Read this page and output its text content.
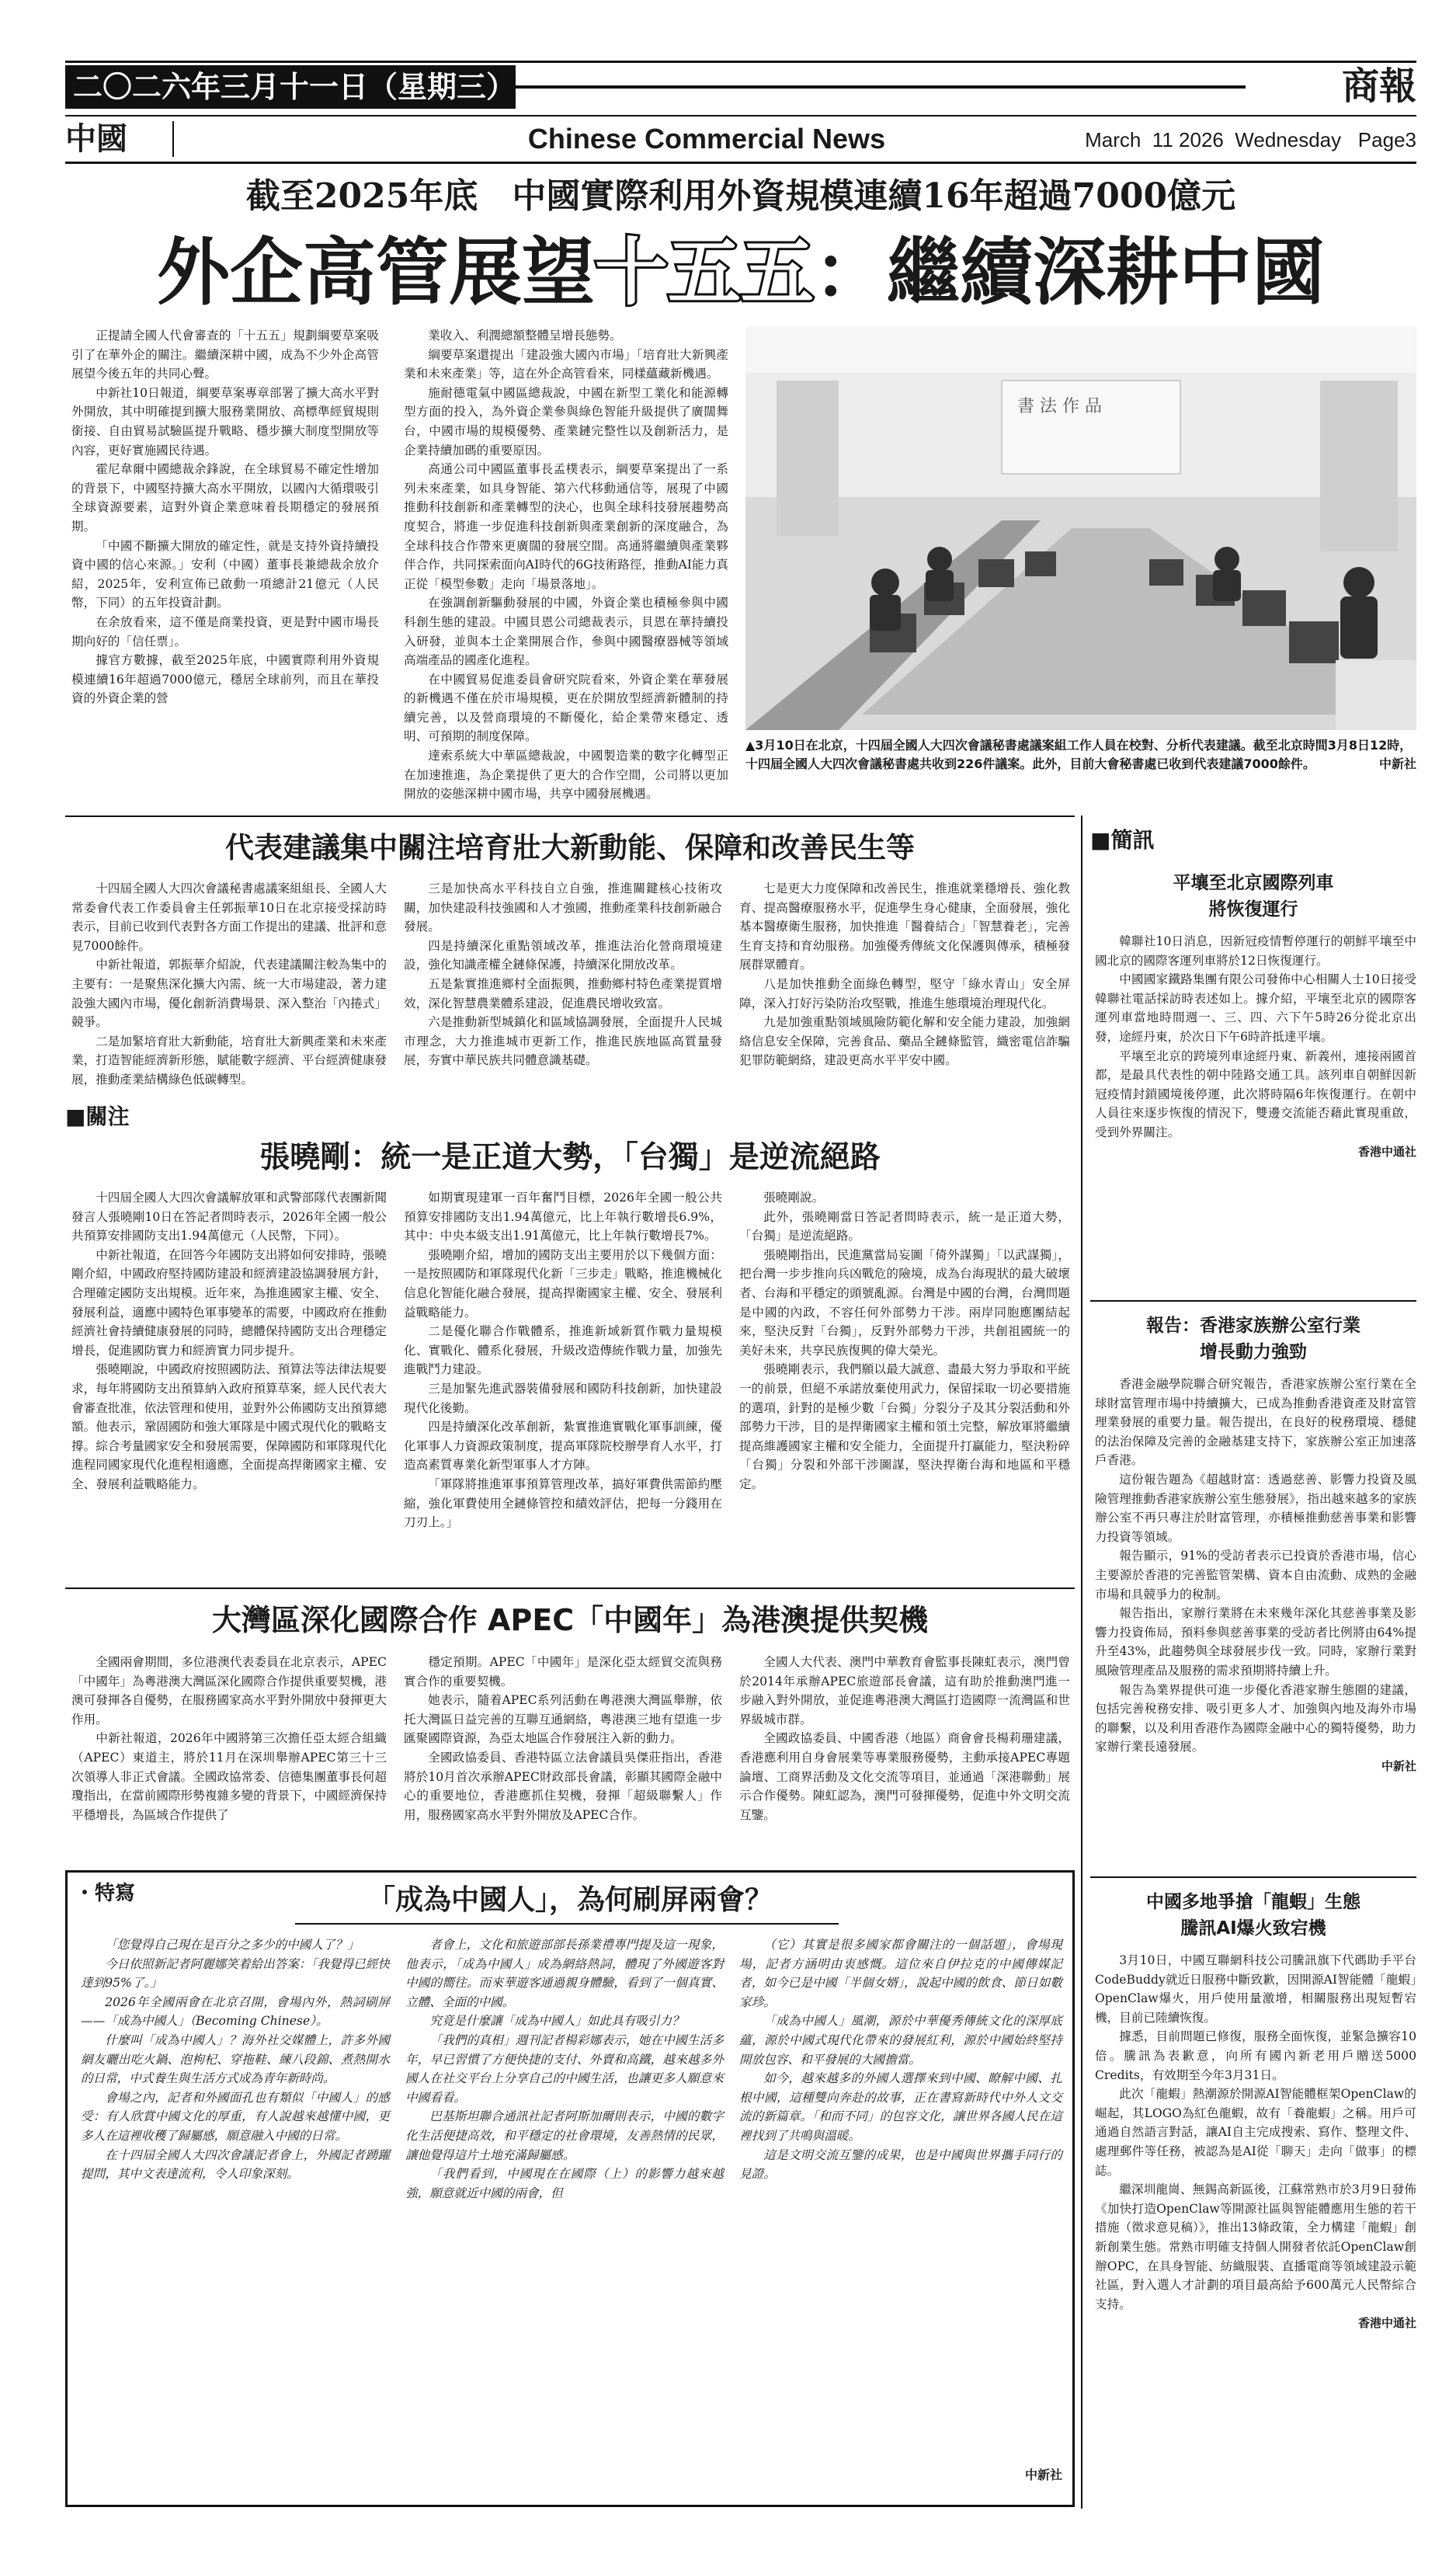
二〇二六年三月十一日（星期三）	商報
中國	Chinese Commercial News	March  11 2026  Wednesday   Page3
截至2025年底　中國實際利用外資規模連續16年超過7000億元
外企高管展望十五五：繼續深耕中國

正提請全國人代會審查的「十五五」規劃綱要草案吸引了在華外企的關注。繼續深耕中國，成為不少外企高管展望今後五年的共同心聲。

中新社10日報道，綱要草案專章部署了擴大高水平對外開放，其中明確提到擴大服務業開放、高標準經貿規則銜接、自由貿易試驗區提升戰略、穩步擴大制度型開放等內容，更好實施國民待遇。

霍尼韋爾中國總裁余鋒說，在全球貿易不確定性增加的背景下，中國堅持擴大高水平開放，以國內大循環吸引全球資源要素，這對外資企業意味着長期穩定的發展預期。

「中國不斷擴大開放的確定性，就是支持外資持續投資中國的信心來源。」安利（中國）董事長兼總裁余放介紹，2025年，安利宣佈已啟動一項總計21億元（人民幣，下同）的五年投資計劃。

在余放看來，這不僅是商業投資，更是對中國市場長期向好的「信任票」。

據官方數據，截至2025年底，中國實際利用外資規模連續16年超過7000億元，穩居全球前列，而且在華投資的外資企業的營

業收入、利潤總額整體呈增長態勢。

綱要草案還提出「建設強大國內市場」「培育壯大新興產業和未來產業」等，這在外企高管看來，同樣蘊藏新機遇。

施耐德電氣中國區總裁說，中國在新型工業化和能源轉型方面的投入，為外資企業參與綠色智能升級提供了廣闊舞台，中國市場的規模優勢、產業鏈完整性以及創新活力，是企業持續加碼的重要原因。

高通公司中國區董事長孟樸表示，綱要草案提出了一系列未來產業，如具身智能、第六代移動通信等，展現了中國推動科技創新和產業轉型的決心，也與全球科技發展趨勢高度契合，將進一步促進科技創新與產業創新的深度融合，為全球科技合作帶來更廣闊的發展空間。高通將繼續與產業夥伴合作，共同探索面向AI時代的6G技術路徑，推動AI能力真正從「模型參數」走向「場景落地」。

在強調創新驅動發展的中國，外資企業也積極參與中國科創生態的建設。中國貝恩公司總裁表示，貝恩在華持續投入研發，並與本土企業開展合作，參與中國醫療器械等領域高端產品的國產化進程。

在中國貿易促進委員會研究院看來，外資企業在華發展的新機遇不僅在於市場規模，更在於開放型經濟新體制的持續完善，以及營商環境的不斷優化，給企業帶來穩定、透明、可預期的制度保障。

達索系統大中華區總裁說，中國製造業的數字化轉型正在加速推進，為企業提供了更大的合作空間，公司將以更加開放的姿態深耕中國市場，共享中國發展機遇。

書 法 作 品
▲3月10日在北京，十四屆全國人大四次會議秘書處議案組工作人員在校對、分析代表建議。截至北京時間3月8日12時，十四屆全國人大四次會議秘書處共收到226件議案。此外，目前大會秘書處已收到代表建議7000餘件。	中新社
代表建議集中關注培育壯大新動能、保障和改善民生等

十四屆全國人大四次會議秘書處議案組組長、全國人大常委會代表工作委員會主任郭振華10日在北京接受採訪時表示，目前已收到代表對各方面工作提出的建議、批評和意見7000餘件。

中新社報道，郭振華介紹說，代表建議關注較為集中的主要有：一是聚焦深化擴大內需、統一大市場建設，著力建設強大國內市場，優化創新消費場景、深入整治「內捲式」競爭。

二是加緊培育壯大新動能，培育壯大新興產業和未來產業，打造智能經濟新形態，賦能數字經濟、平台經濟健康發展，推動產業結構綠色低碳轉型。

三是加快高水平科技自立自強，推進關鍵核心技術攻關，加快建設科技強國和人才強國，推動產業科技創新融合發展。

四是持續深化重點領域改革，推進法治化營商環境建設，強化知識產權全鏈條保護，持續深化開放改革。

五是紮實推進鄉村全面振興，推動鄉村特色產業提質增效，深化智慧農業體系建設，促進農民增收致富。

六是推動新型城鎮化和區域協調發展，全面提升人民城市理念，大力推進城市更新工作，推進民族地區高質量發展，夯實中華民族共同體意識基礎。

七是更大力度保障和改善民生，推進就業穩增長、強化教育、提高醫療服務水平，促進學生身心健康，全面發展，強化基本醫療衛生服務，加快推進「醫養結合」「智慧養老」，完善生育支持和育幼服務。加強優秀傳統文化保護與傳承，積極發展群眾體育。

八是加快推動全面綠色轉型，堅守「綠水青山」安全屏障，深入打好污染防治攻堅戰，推進生態環境治理現代化。

九是加強重點領域風險防範化解和安全能力建設，加強網絡信息安全保障，完善食品、藥品全鏈條監管，織密電信詐騙犯罪防範網絡，建設更高水平平安中國。

■關注
張曉剛：統一是正道大勢，「台獨」是逆流絕路

十四屆全國人大四次會議解放軍和武警部隊代表團新聞發言人張曉剛10日在答記者問時表示，2026年全國一般公共預算安排國防支出1.94萬億元（人民幣，下同）。

中新社報道，在回答今年國防支出將如何安排時，張曉剛介紹，中國政府堅持國防建設和經濟建設協調發展方針，合理確定國防支出規模。近年來，為推進國家主權、安全、發展利益，適應中國特色軍事變革的需要，中國政府在推動經濟社會持續健康發展的同時，總體保持國防支出合理穩定增長，促進國防實力和經濟實力同步提升。

張曉剛說，中國政府按照國防法、預算法等法律法規要求，每年將國防支出預算納入政府預算草案，經人民代表大會審查批准，依法管理和使用，並對外公佈國防支出預算總額。他表示，鞏固國防和強大軍隊是中國式現代化的戰略支撐。綜合考量國家安全和發展需要，保障國防和軍隊現代化進程同國家現代化進程相適應，全面提高捍衛國家主權、安全、發展利益戰略能力。

如期實現建軍一百年奮鬥目標，2026年全國一般公共預算安排國防支出1.94萬億元，比上年執行數增長6.9%，其中：中央本級支出1.91萬億元，比上年執行數增長7%。

張曉剛介紹，增加的國防支出主要用於以下幾個方面：一是按照國防和軍隊現代化新「三步走」戰略，推進機械化信息化智能化融合發展，提高捍衛國家主權、安全、發展利益戰略能力。

二是優化聯合作戰體系，推進新域新質作戰力量規模化、實戰化、體系化發展，升級改造傳統作戰力量，加強先進戰鬥力建設。

三是加緊先進武器裝備發展和國防科技創新，加快建設現代化後勤。

四是持續深化改革創新，紮實推進實戰化軍事訓練，優化軍事人力資源政策制度，提高軍隊院校辦學育人水平，打造高素質專業化新型軍事人才方陣。

「軍隊將推進軍事預算管理改革，搞好軍費供需節約壓縮，強化軍費使用全鏈條管控和績效評估，把每一分錢用在刀刃上。」

張曉剛說。

此外，張曉剛當日答記者問時表示，統一是正道大勢，「台獨」是逆流絕路。

張曉剛指出，民進黨當局妄圖「倚外謀獨」「以武謀獨」，把台灣一步步推向兵凶戰危的險境，成為台海現狀的最大破壞者、台海和平穩定的頭號亂源。台灣是中國的台灣，台灣問題是中國的內政，不容任何外部勢力干涉。兩岸同胞應團結起來，堅決反對「台獨」，反對外部勢力干涉，共創祖國統一的美好未來，共享民族復興的偉大榮光。

張曉剛表示，我們願以最大誠意、盡最大努力爭取和平統一的前景，但絕不承諾放棄使用武力，保留採取一切必要措施的選項，針對的是極少數「台獨」分裂分子及其分裂活動和外部勢力干涉，目的是捍衛國家主權和領土完整，解放軍將繼續提高維護國家主權和安全能力，全面提升打贏能力，堅決粉碎「台獨」分裂和外部干涉圖謀，堅決捍衛台海和地區和平穩定。

大灣區深化國際合作 APEC「中國年」為港澳提供契機

全國兩會期間，多位港澳代表委員在北京表示，APEC「中國年」為粵港澳大灣區深化國際合作提供重要契機，港澳可發揮各自優勢，在服務國家高水平對外開放中發揮更大作用。

中新社報道，2026年中國將第三次擔任亞太經合組織（APEC）東道主，將於11月在深圳舉辦APEC第三十三次領導人非正式會議。全國政協常委、信德集團董事長何超瓊指出，在當前國際形勢複雜多變的背景下，中國經濟保持平穩增長，為區域合作提供了

穩定預期。APEC「中國年」是深化亞太經貿交流與務實合作的重要契機。

她表示，隨着APEC系列活動在粵港澳大灣區舉辦，依托大灣區日益完善的互聯互通網絡，粵港澳三地有望進一步匯聚國際資源，為亞太地區合作發展注入新的動力。

全國政協委員、香港特區立法會議員吳傑莊指出，香港將於10月首次承辦APEC財政部長會議，彰顯其國際金融中心的重要地位，香港應抓住契機，發揮「超級聯繫人」作用，服務國家高水平對外開放及APEC合作。

全國人大代表、澳門中華教育會監事長陳虹表示，澳門曾於2014年承辦APEC旅遊部長會議，這有助於推動澳門進一步融入對外開放，並促進粵港澳大灣區打造國際一流灣區和世界級城市群。

全國政協委員、中國香港（地區）商會會長楊莉珊建議，香港應利用自身會展業等專業服務優勢，主動承接APEC專題論壇、工商界活動及文化交流等項目，並通過「深港聯動」展示合作優勢。陳虹認為，澳門可發揮優勢，促進中外文明交流互鑒。

・特寫	「成為中國人」，為何刷屏兩會？

「您覺得自己現在是百分之多少的中國人了？」

今日依照新記者阿麗娜笑着給出答案：「我覺得已經快達到95%了。」

2026年全國兩會在北京召開，會場內外，熱詞刷屏——「成為中國人」（Becoming Chinese）。

什麼叫「成為中國人」？海外社交媒體上，許多外國網友曬出吃火鍋、泡枸杞、穿拖鞋、練八段錦、煮熱開水的日常，中式養生與生活方式成為青年新時尚。

會場之內，記者和外國面孔也有類似「中國人」的感受：有人欣賞中國文化的厚重，有人說越來越懂中國，更多人在這裡收穫了歸屬感，願意融入中國的日常。

在十四屆全國人大四次會議記者會上，外國記者踴躍提問，其中文表達流利，令人印象深刻。

者會上，文化和旅遊部部長孫業禮專門提及這一現象，他表示，「成為中國人」成為網絡熱詞，體現了外國遊客對中國的嚮往。而來華遊客通過親身體驗，看到了一個真實、立體、全面的中國。

究竟是什麼讓「成為中國人」如此具有吸引力？

「我們的真相」週刊記者楊彩娜表示，她在中國生活多年，早已習慣了方便快捷的支付、外賣和高鐵，越來越多外國人在社交平台上分享自己的中國生活，也讓更多人願意來中國看看。

巴基斯坦聯合通訊社記者阿斯加爾則表示，中國的數字化生活便捷高效，和平穩定的社會環境，友善熱情的民眾，讓他覺得這片土地充滿歸屬感。

「我們看到，中國現在在國際（上）的影響力越來越強，願意就近中國的兩會，但

（它）其實是很多國家都會關注的一個話題」，會場現場，記者方涵明由衷感慨。這位來自伊拉克的中國傳媒記者，如今已是中國「半個女婿」，說起中國的飲食、節日如數家珍。

「成為中國人」風潮，源於中華優秀傳統文化的深厚底蘊，源於中國式現代化帶來的發展紅利，源於中國始終堅持開放包容、和平發展的大國擔當。

如今，越來越多的外國人選擇來到中國、瞭解中國、扎根中國，這種雙向奔赴的故事，正在書寫新時代中外人文交流的新篇章。「和而不同」的包容文化，讓世界各國人民在這裡找到了共鳴與溫暖。

這是文明交流互鑒的成果，也是中國與世界攜手同行的見證。

中新社
■簡訊
平壤至北京國際列車
將恢復運行

韓聯社10日消息，因新冠疫情暫停運行的朝鮮平壤至中國北京的國際客運列車將於12日恢復運行。

中國國家鐵路集團有限公司發佈中心相關人士10日接受韓聯社電話採訪時表述如上。據介紹，平壤至北京的國際客運列車當地時間週一、三、四、六下午5時26分從北京出發，途經丹東，於次日下午6時許抵達平壤。

平壤至北京的跨境列車途經丹東、新義州，連接兩國首都，是最具代表性的朝中陸路交通工具。該列車自朝鮮因新冠疫情封鎖國境後停運，此次將時隔6年恢復運行。在朝中人員往來逐步恢復的情況下，雙邊交流能否藉此實現重啟，受到外界關注。

香港中通社

報告：香港家族辦公室行業
增長動力強勁

香港金融學院聯合研究報告，香港家族辦公室行業在全球財富管理市場中持續擴大，已成為推動香港資產及財富管理業發展的重要力量。報告提出，在良好的稅務環境、穩健的法治保障及完善的金融基建支持下，家族辦公室正加速落戶香港。

這份報告題為《超越財富：透過慈善、影響力投資及風險管理推動香港家族辦公室生態發展》，指出越來越多的家族辦公室不再只專注於財富管理，亦積極推動慈善事業和影響力投資等領域。

報告顯示，91%的受訪者表示已投資於香港市場，信心主要源於香港的完善監管架構、資本自由流動、成熟的金融市場和具競爭力的稅制。

報告指出，家辦行業將在未來幾年深化其慈善事業及影響力投資佈局，預料參與慈善事業的受訪者比例將由64%提升至43%，此趨勢與全球發展步伐一致。同時，家辦行業對風險管理產品及服務的需求預期將持續上升。

報告為業界提供可進一步優化香港家辦生態圈的建議，包括完善稅務安排、吸引更多人才、加強與內地及海外市場的聯繫，以及利用香港作為國際金融中心的獨特優勢，助力家辦行業長遠發展。

中新社

中國多地爭搶「龍蝦」生態
騰訊AI爆火致宕機

3月10日，中國互聯網科技公司騰訊旗下代碼助手平台CodeBuddy就近日服務中斷致歉，因開源AI智能體「龍蝦」OpenClaw爆火，用戶使用量激增，相關服務出現短暫宕機，目前已陸續恢復。

據悉，目前問題已修復，服務全面恢復，並緊急擴容10倍。騰訊為表歉意，向所有國內新老用戶贈送5000 Credits，有效期至今年3月31日。

此次「龍蝦」熱潮源於開源AI智能體框架OpenClaw的崛起，其LOGO為紅色龍蝦，故有「養龍蝦」之稱。用戶可通過自然語言對話，讓AI自主完成搜索、寫作、整理文件、處理郵件等任務，被認為是AI從「聊天」走向「做事」的標誌。

繼深圳龍崗、無錫高新區後，江蘇常熟市於3月9日發佈《加快打造OpenClaw等開源社區與智能體應用生態的若干措施（徵求意見稿）》，推出13條政策，全力構建「龍蝦」創新創業生態。常熟市明確支持個人開發者依託OpenClaw創辦OPC，在具身智能、紡織服裝、直播電商等領域建設示範社區，對入選人才計劃的項目最高給予600萬元人民幣綜合支持。

香港中通社
